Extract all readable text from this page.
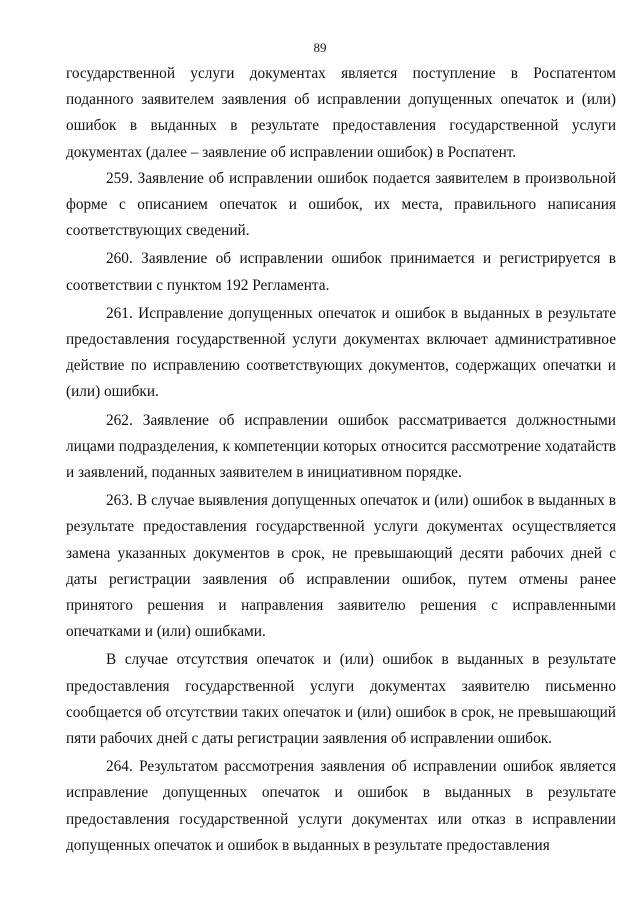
89

государственной услуги документах является поступление в Роспатентом поданного заявителем заявления об исправлении допущенных опечаток и (или) ошибок в выданных в результате предоставления государственной услуги документах (далее – заявление об исправлении ошибок) в Роспатент.

259. Заявление об исправлении ошибок подается заявителем в произвольной форме с описанием опечаток и ошибок, их места, правильного написания соответствующих сведений.

260. Заявление об исправлении ошибок принимается и регистрируется в соответствии с пунктом 192 Регламента.

261. Исправление допущенных опечаток и ошибок в выданных в результате предоставления государственной услуги документах включает административное действие по исправлению соответствующих документов, содержащих опечатки и (или) ошибки.

262. Заявление об исправлении ошибок рассматривается должностными лицами подразделения, к компетенции которых относится рассмотрение ходатайств и заявлений, поданных заявителем в инициативном порядке.

263. В случае выявления допущенных опечаток и (или) ошибок в выданных в результате предоставления государственной услуги документах осуществляется замена указанных документов в срок, не превышающий десяти рабочих дней с даты регистрации заявления об исправлении ошибок, путем отмены ранее принятого решения и направления заявителю решения с исправленными опечатками и (или) ошибками.

В случае отсутствия опечаток и (или) ошибок в выданных в результате предоставления государственной услуги документах заявителю письменно сообщается об отсутствии таких опечаток и (или) ошибок в срок, не превышающий пяти рабочих дней с даты регистрации заявления об исправлении ошибок.

264. Результатом рассмотрения заявления об исправлении ошибок является исправление допущенных опечаток и ошибок в выданных в результате предоставления государственной услуги документах или отказ в исправлении допущенных опечаток и ошибок в выданных в результате предоставления
